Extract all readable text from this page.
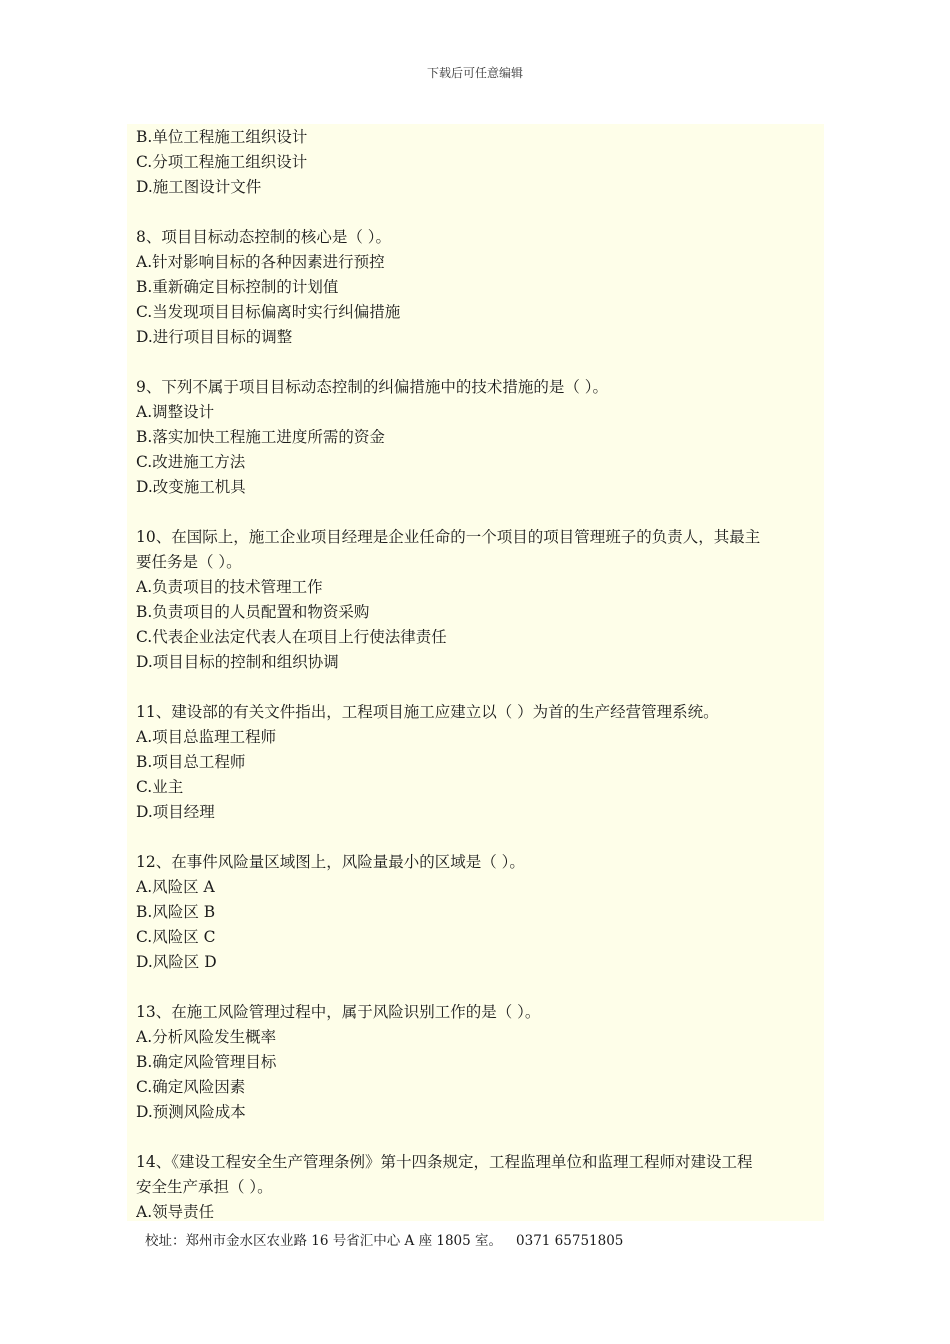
下载后可任意编辑
B.单位工程施工组织设计
C.分项工程施工组织设计
D.施工图设计文件
8、项目目标动态控制的核心是（ ）。
A.针对影响目标的各种因素进行预控
B.重新确定目标控制的计划值
C.当发现项目目标偏离时实行纠偏措施
D.进行项目目标的调整
9、下列不属于项目目标动态控制的纠偏措施中的技术措施的是（ ）。
A.调整设计
B.落实加快工程施工进度所需的资金
C.改进施工方法
D.改变施工机具
10、在国际上，施工企业项目经理是企业任命的一个项目的项目管理班子的负责人，其最主
要任务是（ ）。
A.负责项目的技术管理工作
B.负责项目的人员配置和物资采购
C.代表企业法定代表人在项目上行使法律责任
D.项目目标的控制和组织协调
11、建设部的有关文件指出，工程项目施工应建立以（ ）为首的生产经营管理系统。
A.项目总监理工程师
B.项目总工程师
C.业主
D.项目经理
12、在事件风险量区域图上，风险量最小的区域是（ ）。
A.风险区 A
B.风险区 B
C.风险区 C
D.风险区 D
13、在施工风险管理过程中，属于风险识别工作的是（ ）。
A.分析风险发生概率
B.确定风险管理目标
C.确定风险因素
D.预测风险成本
14、《建设工程安全生产管理条例》第十四条规定，工程监理单位和监理工程师对建设工程
安全生产承担（ ）。
A.领导责任
校址：郑州市金水区农业路 16 号省汇中心 A 座 1805 室。 0371 65751805
